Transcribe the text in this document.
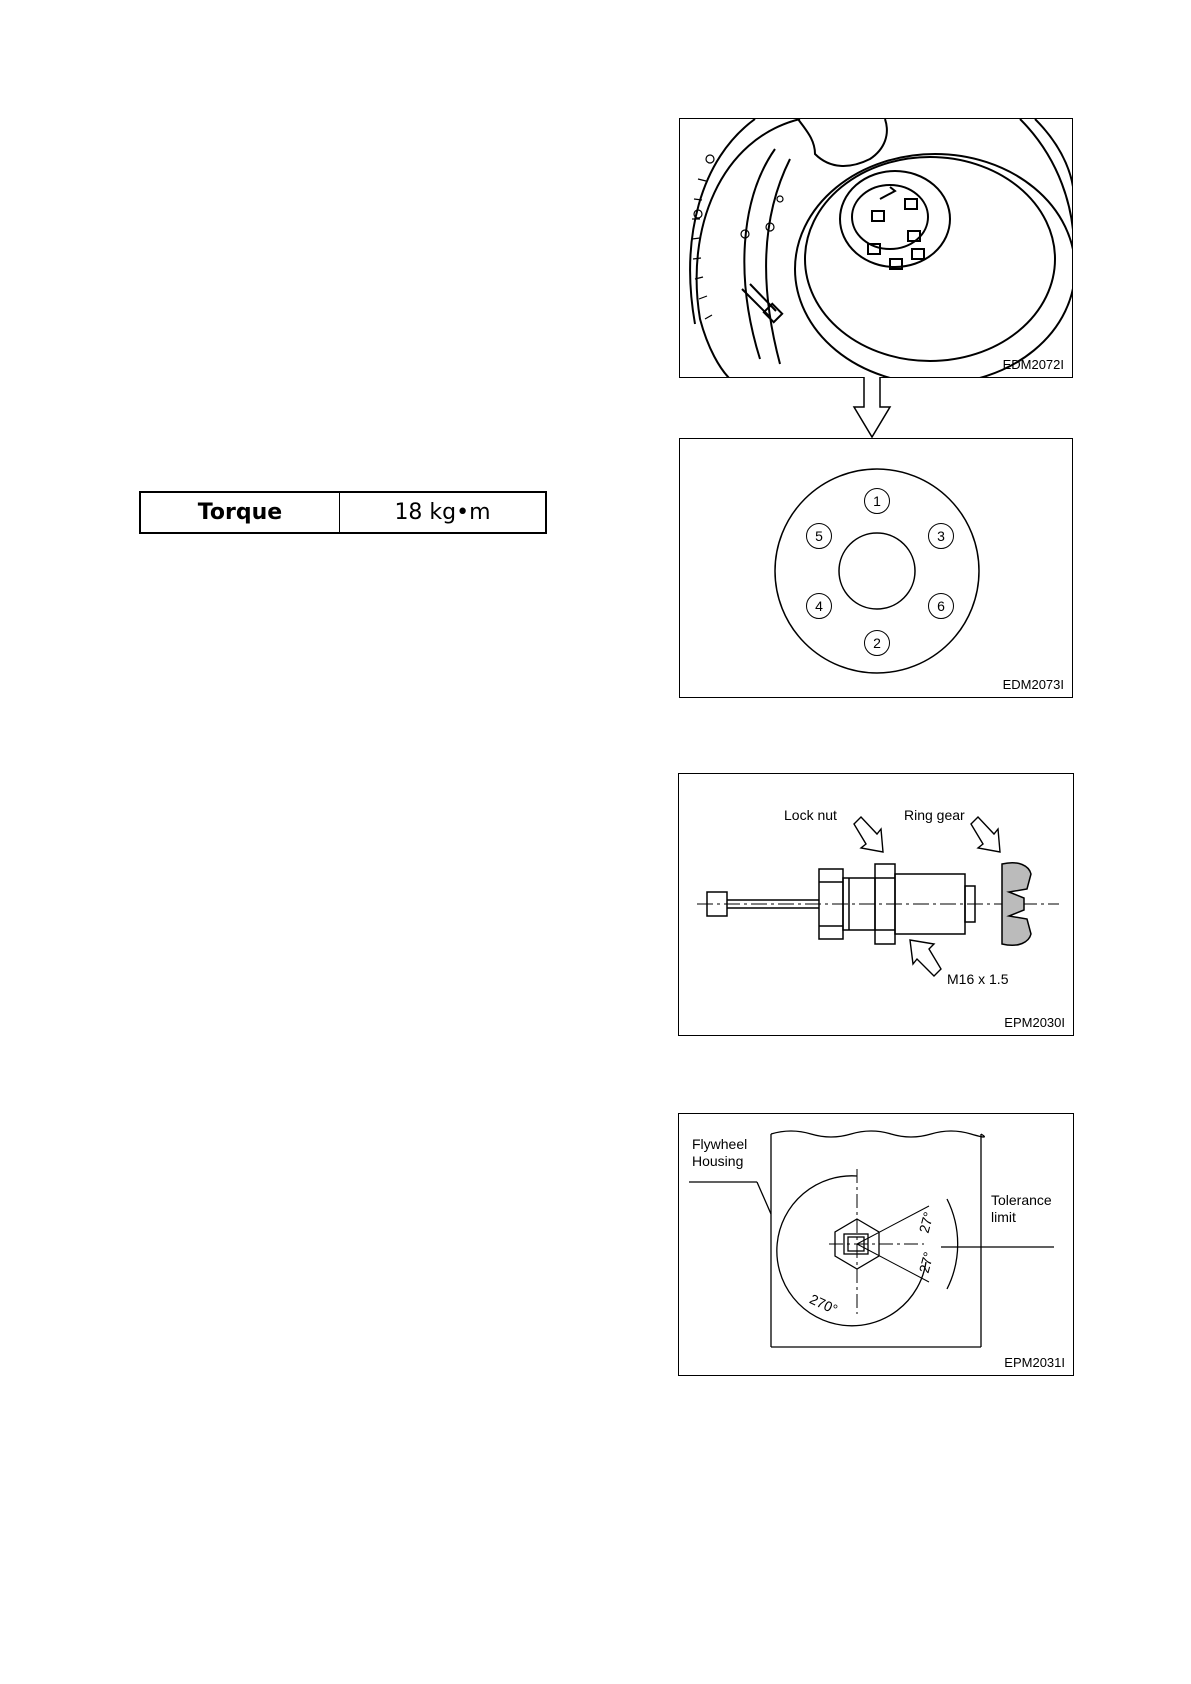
Torque	18 kg•m
EDM2072I
1
2
3
4
5
6
EDM2073I
Lock nut	Ring gear
M16 x 1.5
EPM2030I
Flywheel
Housing
Tolerance
limit
27°
27°
270°
EPM2031I
